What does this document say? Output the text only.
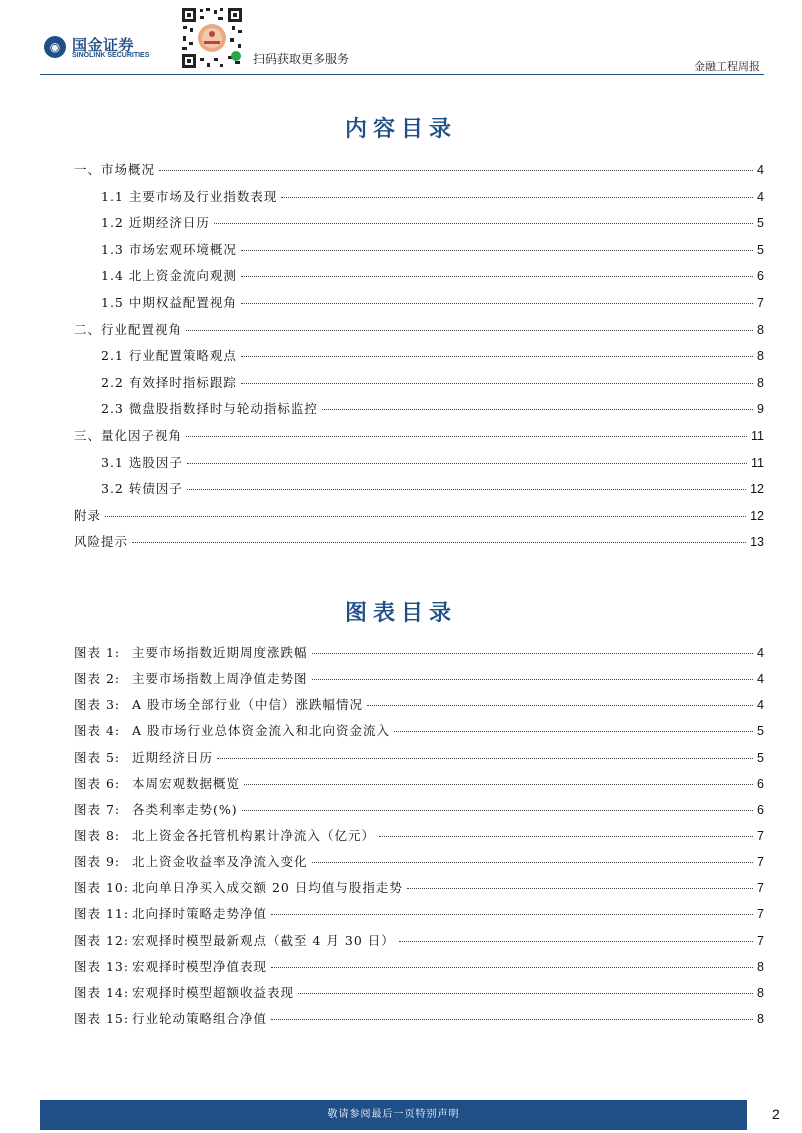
◉ 国金证券
SINOLINK SECURITIES	扫码获取更多服务
金融工程周报
内容目录
一、市场概况	4
1.1 主要市场及行业指数表现	4
1.2 近期经济日历	5
1.3 市场宏观环境概况	5
1.4 北上资金流向观测	6
1.5 中期权益配置视角	7
二、行业配置视角	8
2.1 行业配置策略观点	8
2.2 有效择时指标跟踪	8
2.3 微盘股指数择时与轮动指标监控	9
三、量化因子视角	11
3.1 选股因子	11
3.2 转债因子	12
附录	12
风险提示	13
图表目录
图表 1: 主要市场指数近期周度涨跌幅	4
图表 2: 主要市场指数上周净值走势图	4
图表 3: A 股市场全部行业（中信）涨跌幅情况	4
图表 4: A 股市场行业总体资金流入和北向资金流入	5
图表 5: 近期经济日历	5
图表 6: 本周宏观数据概览	6
图表 7: 各类利率走势(%)	6
图表 8: 北上资金各托管机构累计净流入（亿元）	7
图表 9: 北上资金收益率及净流入变化	7
图表 10: 北向单日净买入成交额 20 日均值与股指走势	7
图表 11: 北向择时策略走势净值	7
图表 12: 宏观择时模型最新观点（截至 4 月 30 日）	7
图表 13: 宏观择时模型净值表现	8
图表 14: 宏观择时模型超额收益表现	8
图表 15: 行业轮动策略组合净值	8
敬请参阅最后一页特别声明	2
